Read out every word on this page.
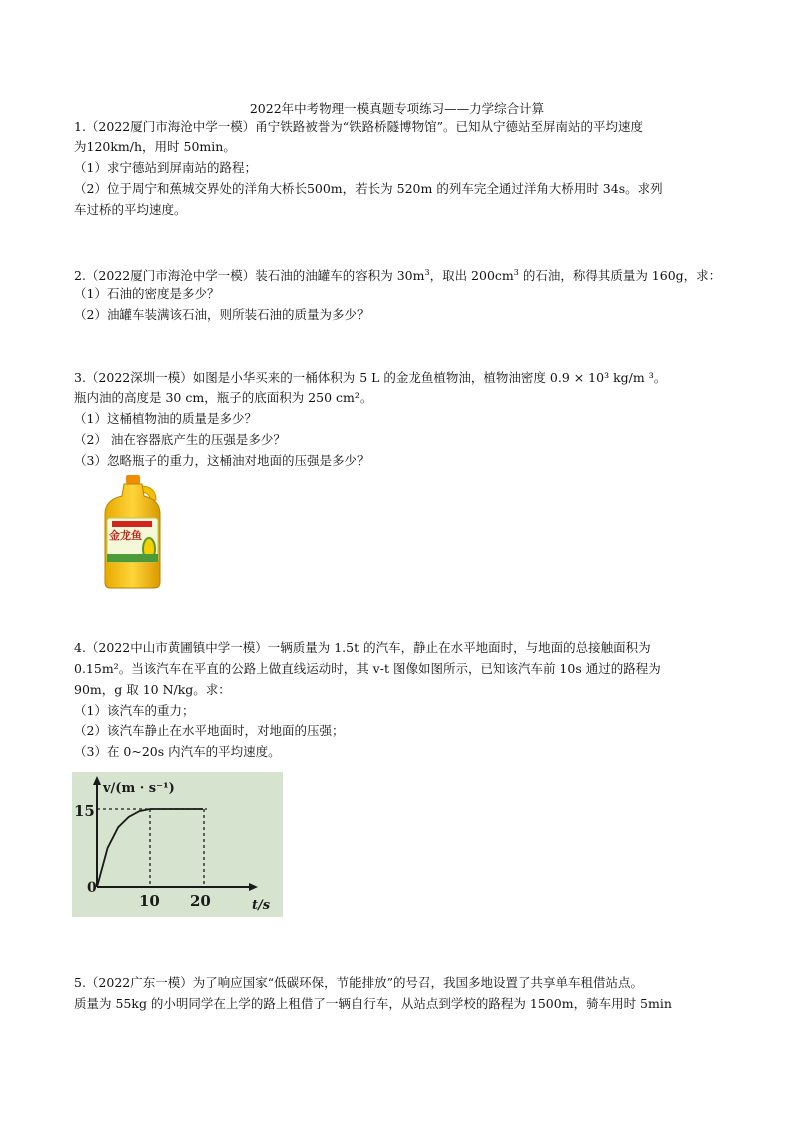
2022年中考物理一模真题专项练习——力学综合计算
1.（2022厦门市海沧中学一模）甬宁铁路被誉为“铁路桥隧博物馆”。已知从宁德站至屏南站的平均速度
为120km/h，用时 50min。
（1）求宁德站到屏南站的路程；
（2）位于周宁和蕉城交界处的洋角大桥长500m，若长为 520m 的列车完全通过洋角大桥用时 34s。求列
车过桥的平均速度。
2.（2022厦门市海沧中学一模）装石油的油罐车的容积为 $30m^3$，取出 $200cm^3$ 的石油，称得其质量为 160g，求：
（1）石油的密度是多少？
（2）油罐车装满该石油，则所装石油的质量为多少？
3.（2022深圳一模）如图是小华买来的一桶体积为 5 L 的金龙鱼植物油，植物油密度 0.9 × 10³ kg/m ³。
瓶内油的高度是 30 cm，瓶子的底面积为 250 cm²。
（1）这桶植物油的质量是多少？
（2） 油在容器底产生的压强是多少？
（3）忽略瓶子的重力，这桶油对地面的压强是多少？
金龙鱼
4.（2022中山市黄圃镇中学一模）一辆质量为 1.5t 的汽车，静止在水平地面时，与地面的总接触面积为
0.15m²。当该汽车在平直的公路上做直线运动时，其 v-t 图像如图所示，已知该汽车前 10s 通过的路程为
90m，g 取 10 N/kg。求：
（1）该汽车的重力；
（2）该汽车静止在水平地面时，对地面的压强；
（3）在 0~20s 内汽车的平均速度。
v/(m · s⁻¹)
t/s
0
10 20
15
5.（2022广东一模）为了响应国家“低碳环保，节能排放”的号召，我国多地设置了共享单车租借站点。
质量为 55kg 的小明同学在上学的路上租借了一辆自行车，从站点到学校的路程为 1500m，骑车用时 5min
